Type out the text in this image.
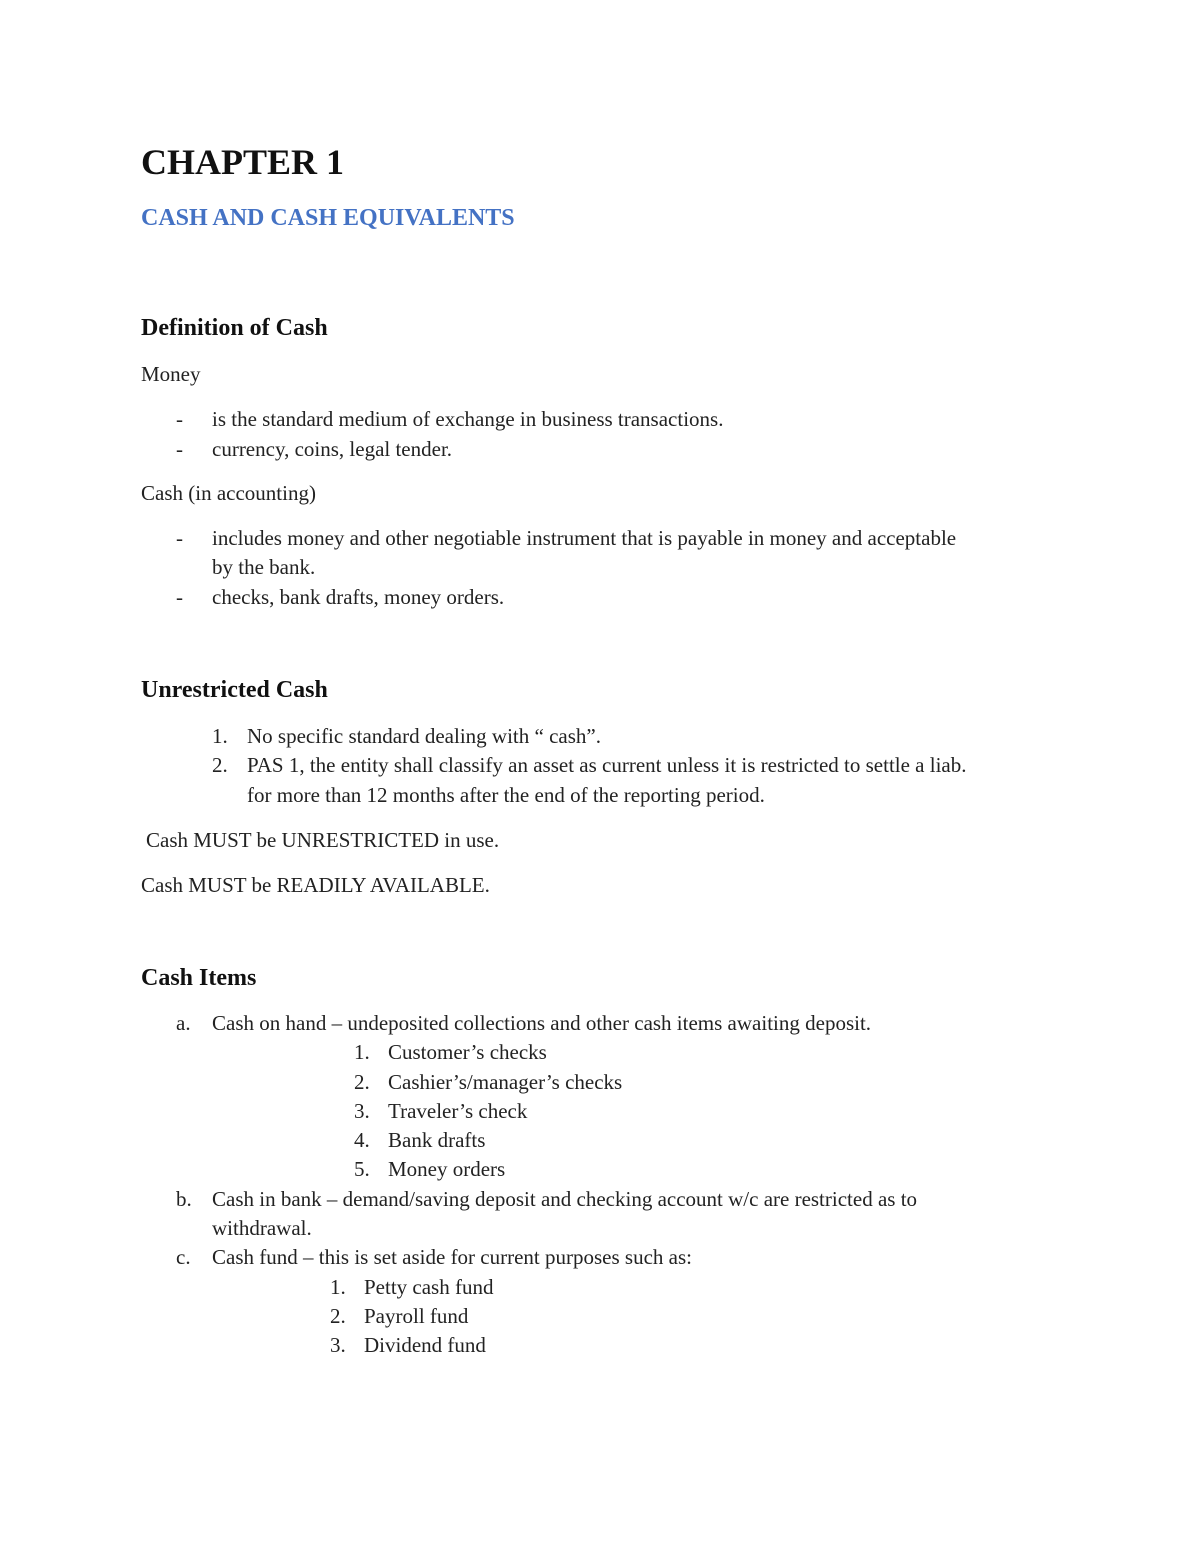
CHAPTER 1
CASH AND CASH EQUIVALENTS
Definition of Cash
Money
- is the standard medium of exchange in business transactions.
- currency, coins, legal tender.
Cash (in accounting)
- includes money and other negotiable instrument that is payable in money and acceptable
by the bank.
- checks, bank drafts, money orders.
Unrestricted Cash
1. No specific standard dealing with “ cash”.
2. PAS 1, the entity shall classify an asset as current unless it is restricted to settle a liab.
for more than 12 months after the end of the reporting period.
Cash MUST be UNRESTRICTED in use.
Cash MUST be READILY AVAILABLE.
Cash Items
a. Cash on hand – undeposited collections and other cash items awaiting deposit.
1. Customer’s checks
2. Cashier’s/manager’s checks
3. Traveler’s check
4. Bank drafts
5. Money orders
b. Cash in bank – demand/saving deposit and checking account w/c are restricted as to
withdrawal.
c. Cash fund – this is set aside for current purposes such as:
1. Petty cash fund
2. Payroll fund
3. Dividend fund
